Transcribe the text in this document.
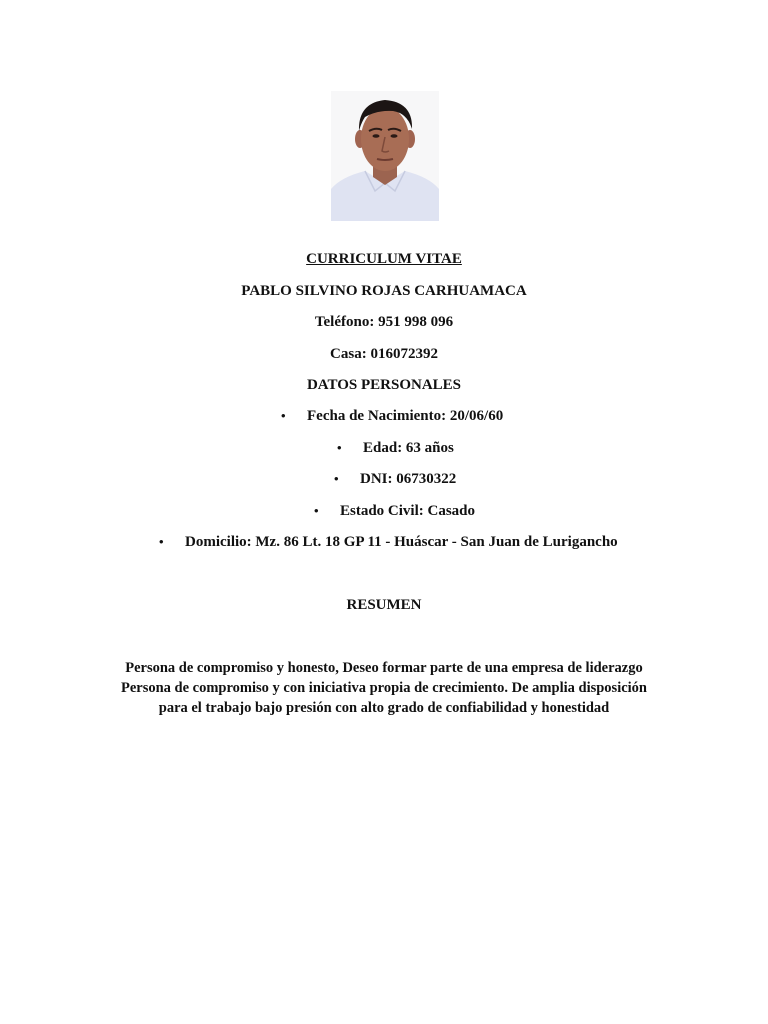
CURRICULUM VITAE
PABLO SILVINO ROJAS CARHUAMACA
Teléfono: 951 998 096
Casa: 016072392
DATOS PERSONALES
• Fecha de Nacimiento: 20/06/60
• Edad: 63 años
• DNI: 06730322
• Estado Civil: Casado
• Domicilio: Mz. 86 Lt. 18 GP 11 - Huáscar - San Juan de Lurigancho
RESUMEN
Persona de compromiso y honesto, Deseo formar parte de una empresa de liderazgo Persona de compromiso y con iniciativa propia de crecimiento. De amplia disposición para el trabajo bajo presión con alto grado de confiabilidad y honestidad
